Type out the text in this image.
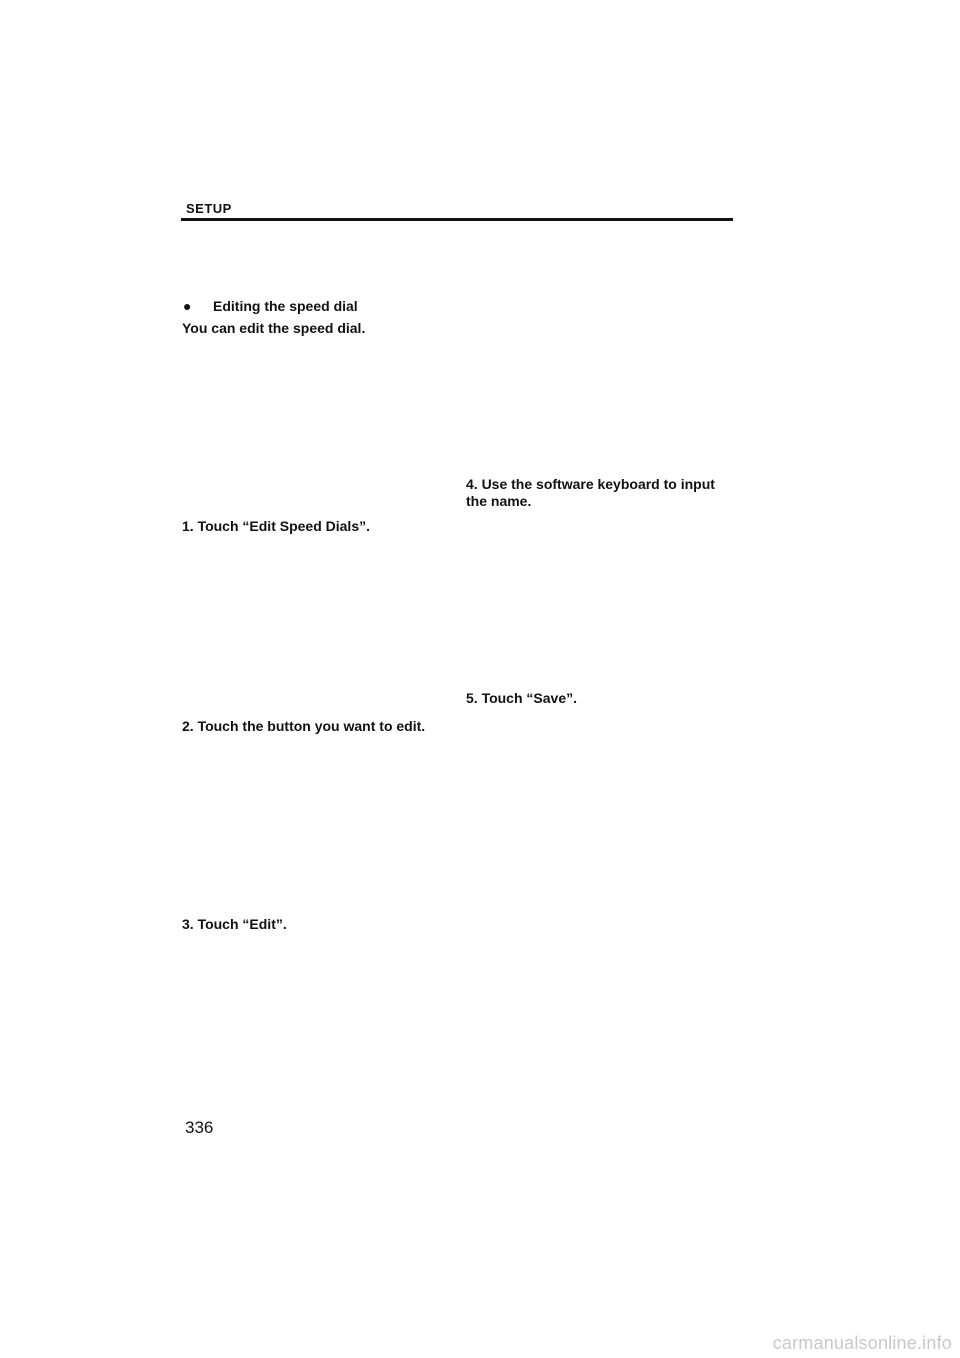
SETUP
● Editing the speed dial
You can edit the speed dial.
1. Touch “Edit Speed Dials”.
2. Touch the button you want to edit.
3. Touch “Edit”.
4. Use the software keyboard to input
the name.
5. Touch “Save”.
336
carmanualsonline.info
